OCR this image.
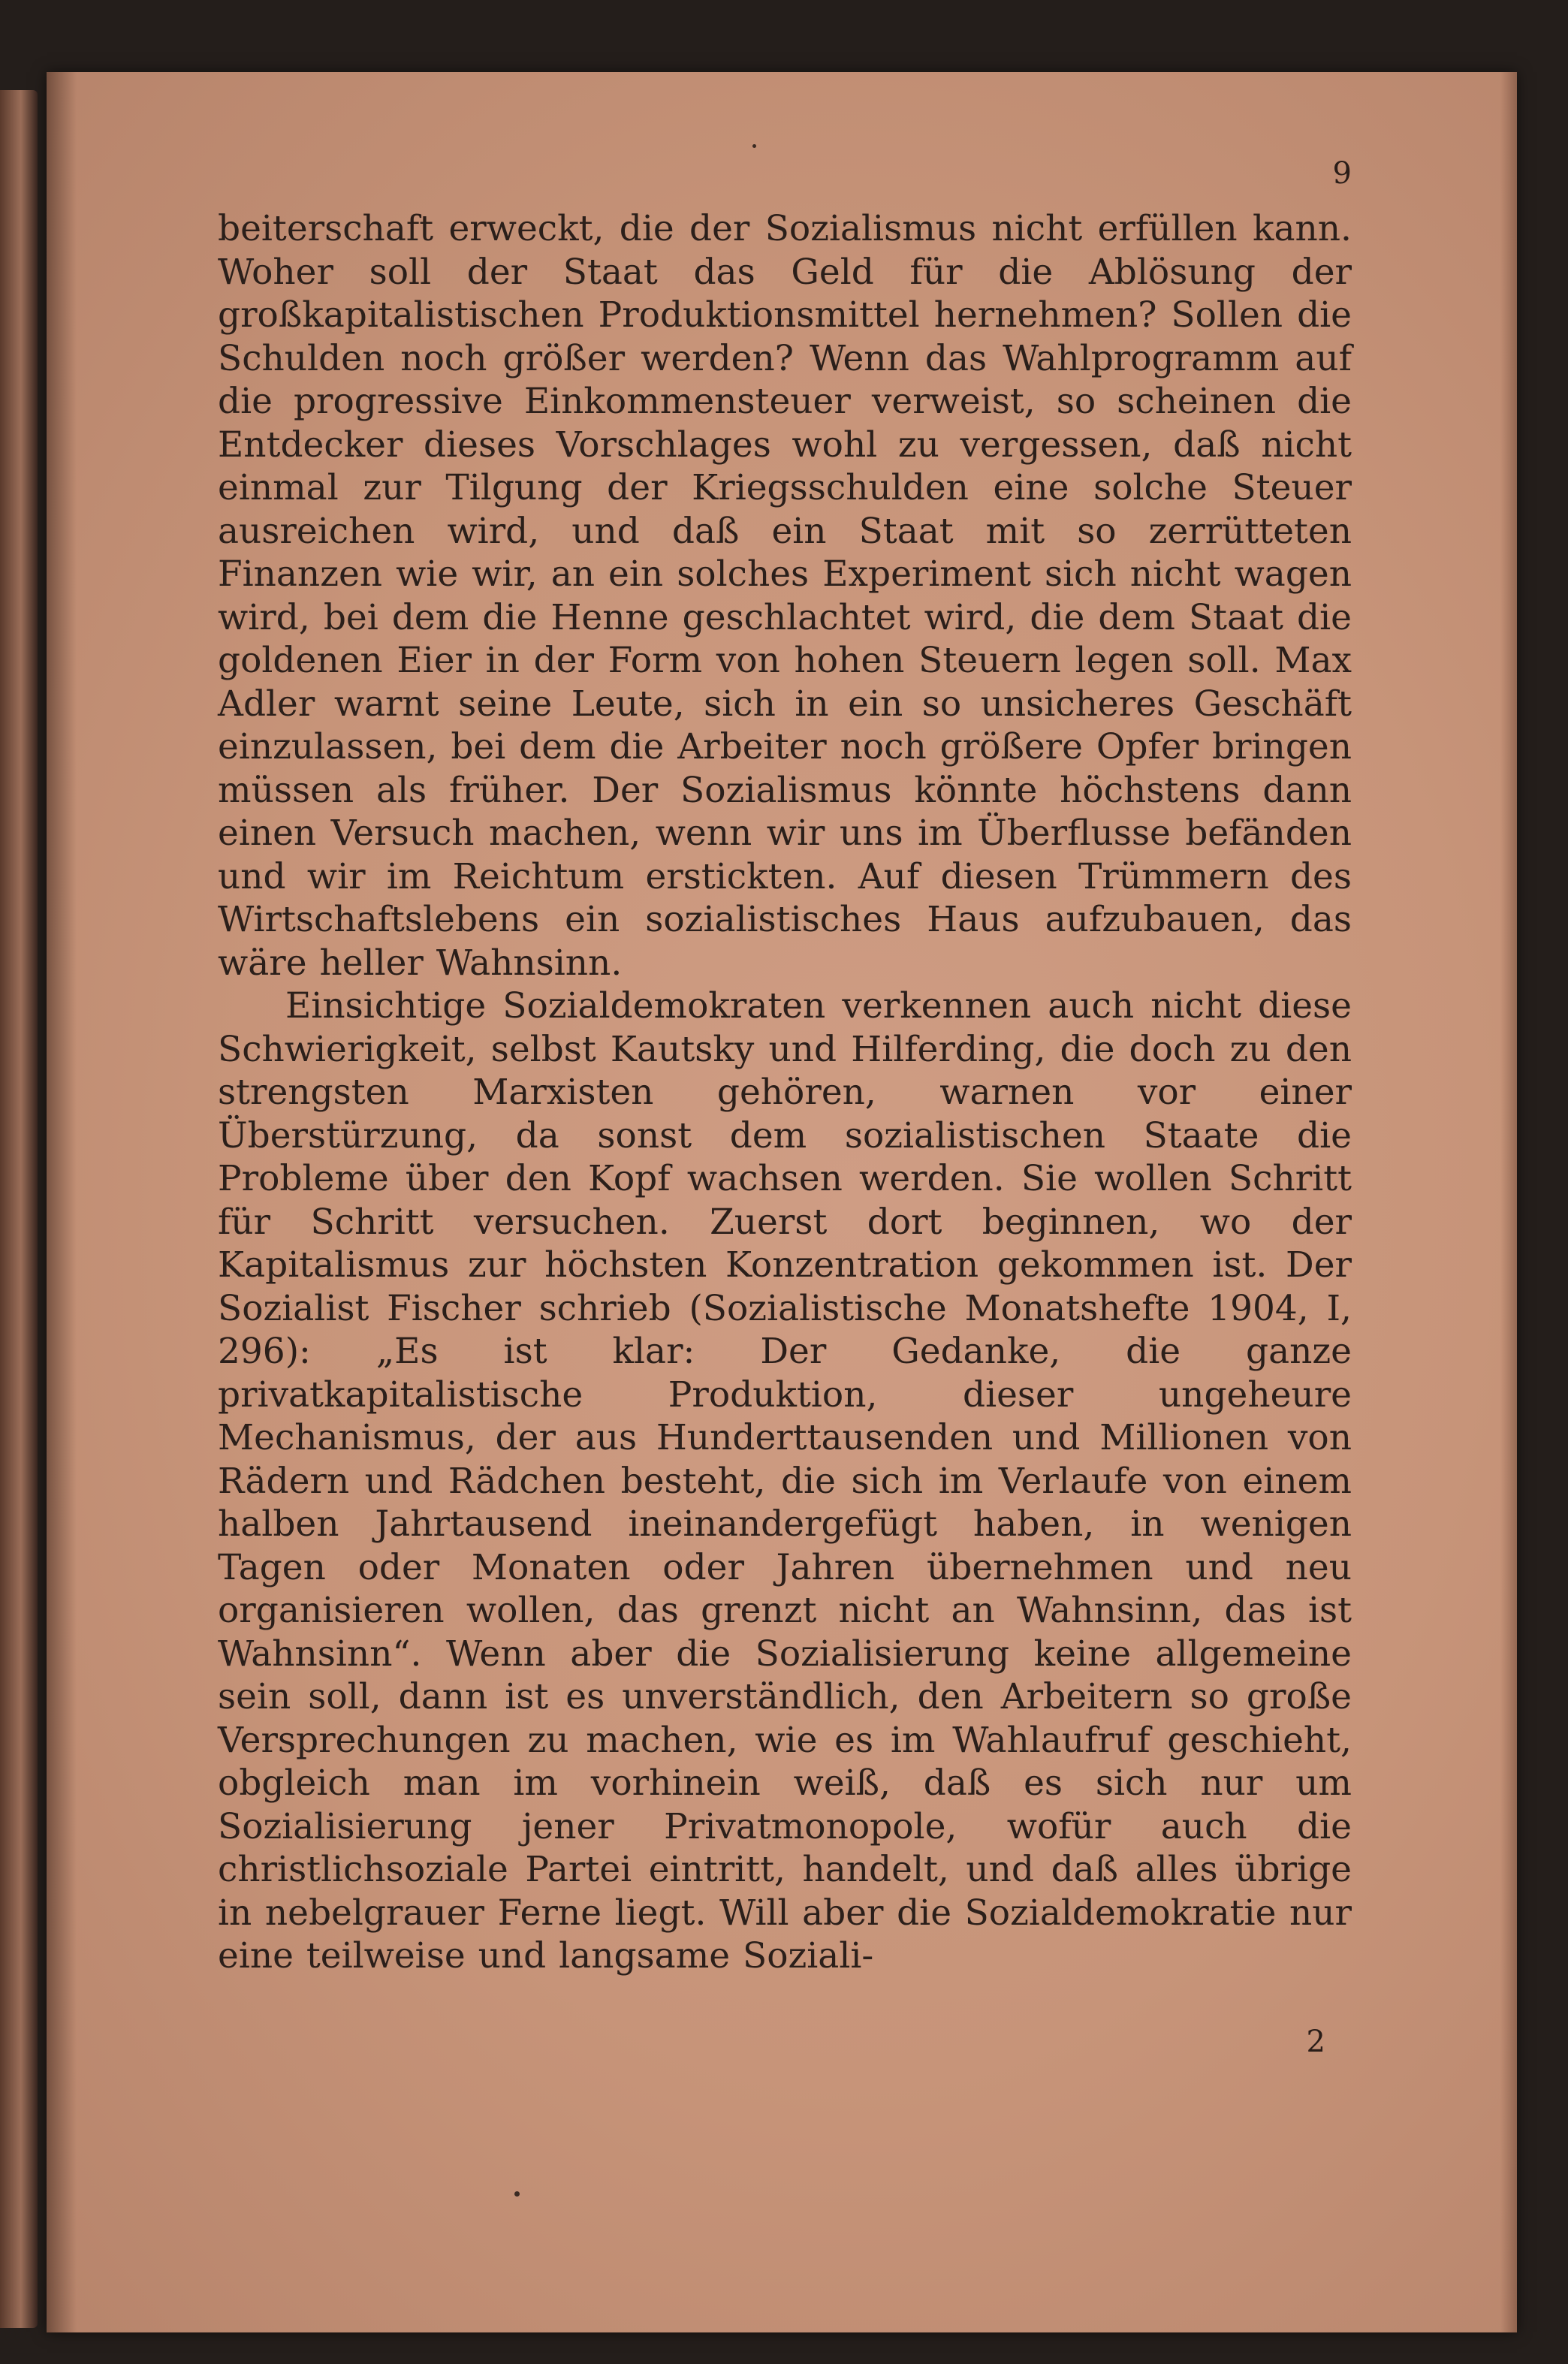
9

beiterschaft erweckt, die der Sozialismus nicht erfüllen kann. Woher soll der Staat das Geld für die Ablösung der großkapitalistischen Produktionsmittel hernehmen? Sollen die Schulden noch größer werden? Wenn das Wahlprogramm auf die progressive Einkommensteuer verweist, so scheinen die Entdecker dieses Vorschlages wohl zu vergessen, daß nicht einmal zur Tilgung der Kriegsschulden eine solche Steuer ausreichen wird, und daß ein Staat mit so zerrütteten Finanzen wie wir, an ein solches Experiment sich nicht wagen wird, bei dem die Henne geschlachtet wird, die dem Staat die goldenen Eier in der Form von hohen Steuern legen soll. Max Adler warnt seine Leute, sich in ein so unsicheres Geschäft einzulassen, bei dem die Arbeiter noch größere Opfer bringen müssen als früher. Der Sozialismus könnte höchstens dann einen Versuch machen, wenn wir uns im Überflusse befänden und wir im Reichtum erstickten. Auf diesen Trümmern des Wirtschaftslebens ein sozialistisches Haus aufzubauen, das wäre heller Wahnsinn.

Einsichtige Sozialdemokraten verkennen auch nicht diese Schwierigkeit, selbst Kautsky und Hilferding, die doch zu den strengsten Marxisten gehören, warnen vor einer Überstürzung, da sonst dem sozialistischen Staate die Probleme über den Kopf wachsen werden. Sie wollen Schritt für Schritt versuchen. Zuerst dort beginnen, wo der Kapitalismus zur höchsten Konzentration gekommen ist. Der Sozialist Fischer schrieb (Sozialistische Monatshefte 1904, I, 296): „Es ist klar: Der Gedanke, die ganze privatkapitalistische Produktion, dieser ungeheure Mechanismus, der aus Hunderttausenden und Millionen von Rädern und Rädchen besteht, die sich im Verlaufe von einem halben Jahrtausend ineinandergefügt haben, in wenigen Tagen oder Monaten oder Jahren übernehmen und neu organisieren wollen, das grenzt nicht an Wahnsinn, das ist Wahnsinn“. Wenn aber die Sozialisierung keine allgemeine sein soll, dann ist es unverständlich, den Arbeitern so große Versprechungen zu machen, wie es im Wahlaufruf geschieht, obgleich man im vorhinein weiß, daß es sich nur um Sozialisierung jener Privatmonopole, wofür auch die christlichsoziale Partei eintritt, handelt, und daß alles übrige in nebelgrauer Ferne liegt. Will aber die Sozialdemokratie nur eine teilweise und langsame Soziali-

2
